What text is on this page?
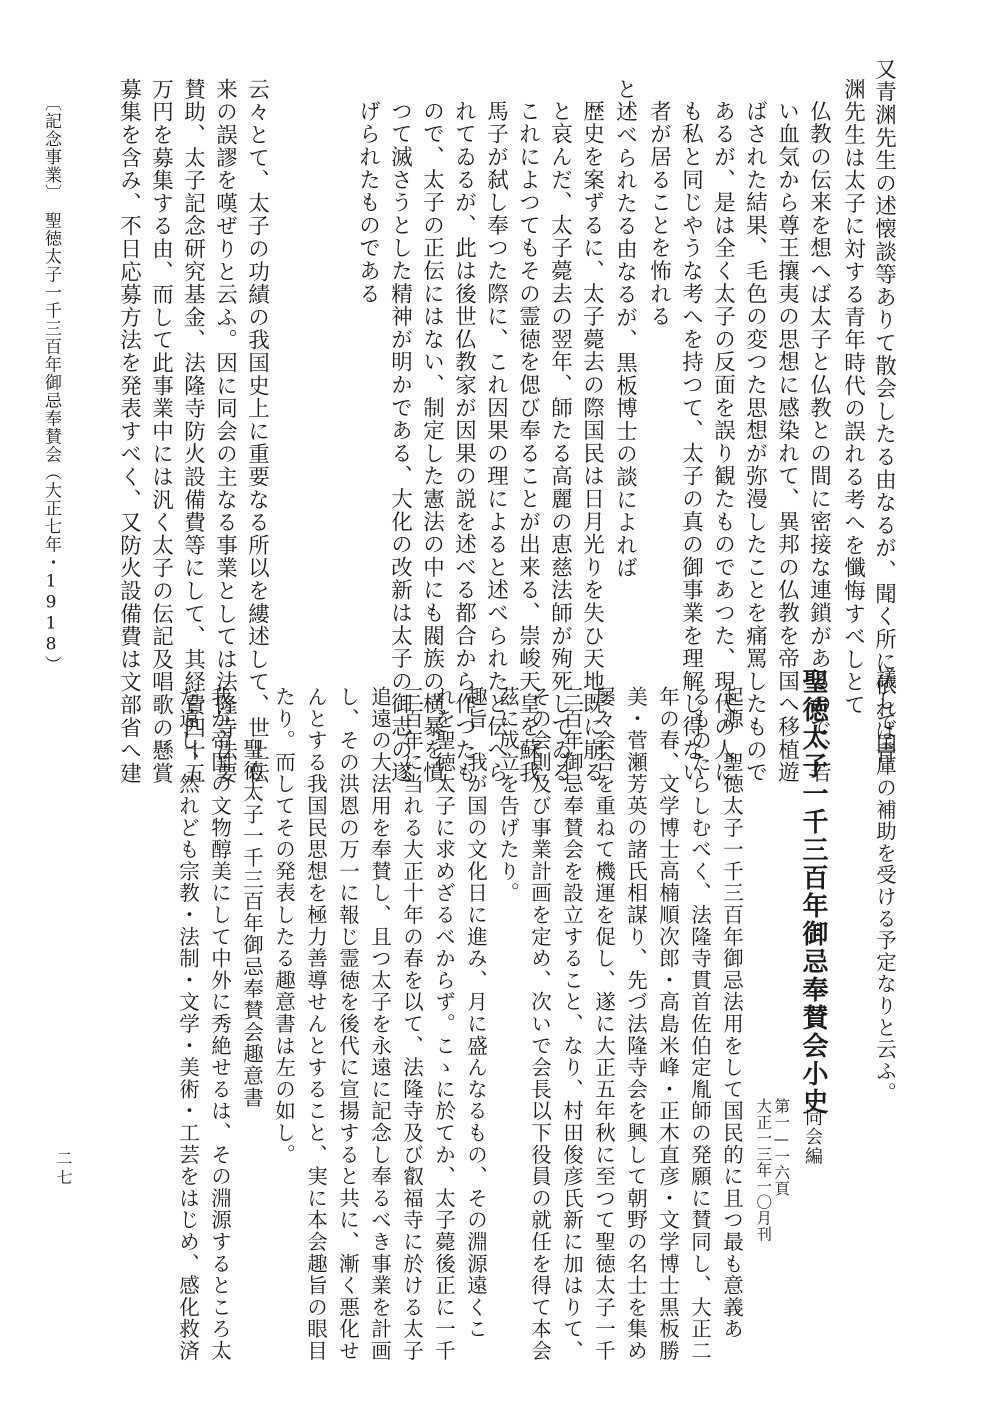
又青渊先生の述懐談等ありて散会したる由なるが、聞く所に依れば青
渊先生は太子に対する青年時代の誤れる考へを懺悔すべしとて
仏教の伝来を想へば太子と仏教との間に密接な連鎖があるので、若
い血気から尊王攘夷の思想に感染れて、異邦の仏教を帝国へ移植遊
ばされた結果、毛色の変つた思想が弥漫したことを痛罵したもので
あるが、是は全く太子の反面を誤り観たものであつた、現代の人に
も私と同じやうな考へを持つて、太子の真の御事業を理解し得ない
者が居ることを怖れる
と述べられたる由なるが、黒板博士の談によれば
歴史を案ずるに、太子薨去の際国民は日月光りを失ひ天地既に崩る
と哀んだ、太子薨去の翌年、師たる高麗の恵慈法師が殉死してゐる
これによつてもその霊徳を偲び奉ることが出来る、崇峻天皇を蘇我
馬子が弑し奉つた際に、これ因果の理によると述べられたと伝へら
れてゐるが、此は後世仏教家が因果の説を述べる都合から作つたも
ので、太子の正伝にはない、制定した憲法の中にも閥族の横暴を憤
つて滅さうとした精神が明かである、大化の改新は太子の御志の遂
げられたものである
云々とて、太子の功績の我国史上に重要なる所以を縷述して、世上伝
来の誤謬を嘆ぜりと云ふ。因に同会の主なる事業としては法隆寺法要
賛助、太子記念研究基金、法隆寺防火設備費等にして、其経費四十五
万円を募集する由、而して此事業中には汎く太子の伝記及唱歌の懸賞
募集を含み、不日応募方法を発表すべく、又防火設備費は文部省へ建
〔記念事業〕　聖徳太子一千三百年御忌奉賛会（大正七年・1918）
議して国庫の補助を受ける予定なりと云ふ。
聖徳太子一千三百年御忌奉賛会小史
同会編
第一—一六頁
大正一三年一〇月刊
起源　聖徳太子一千三百年御忌法用をして国民的に且つ最も意義あ
るものたらしむべく、法隆寺貫首佐伯定胤師の発願に賛同し、大正二
年の春、文学博士高楠順次郎・高島米峰・正木直彦・文学博士黒板勝
美・菅瀬芳英の諸氏相謀り、先づ法隆寺会を興して朝野の名士を集め
屡々会合を重ねて機運を促し、遂に大正五年秋に至つて聖徳太子一千
三百年御忌奉賛会を設立すること、なり、村田俊彦氏新に加はりて、
その会則及び事業計画を定め、次いで会長以下役員の就任を得て本会
茲に成立を告げたり。
趣旨　我が国の文化日に進み、月に盛んなるもの、その淵源遠くこ
れを聖徳太子に求めざるべからず。こゝに於てか、太子薨後正に一千
三百年に当れる大正十年の春を以て、法隆寺及び叡福寺に於ける太子
追遠の大法用を奉賛し、且つ太子を永遠に記念し奉るべき事業を計画
し、その洪恩の万一に報じ霊徳を後代に宣揚すると共に、漸く悪化せ
んとする我国民思想を極力善導せんとすること、実に本会趣旨の眼目
たり。而してその発表したる趣意書は左の如し。
聖徳太子一千三百年御忌奉賛会趣意書
我が帝国の文物醇美にして中外に秀絶せるは、その淵源するところ太
だ遠し、然れども宗教・法制・文学・美術・工芸をはじめ、感化救済
二七
